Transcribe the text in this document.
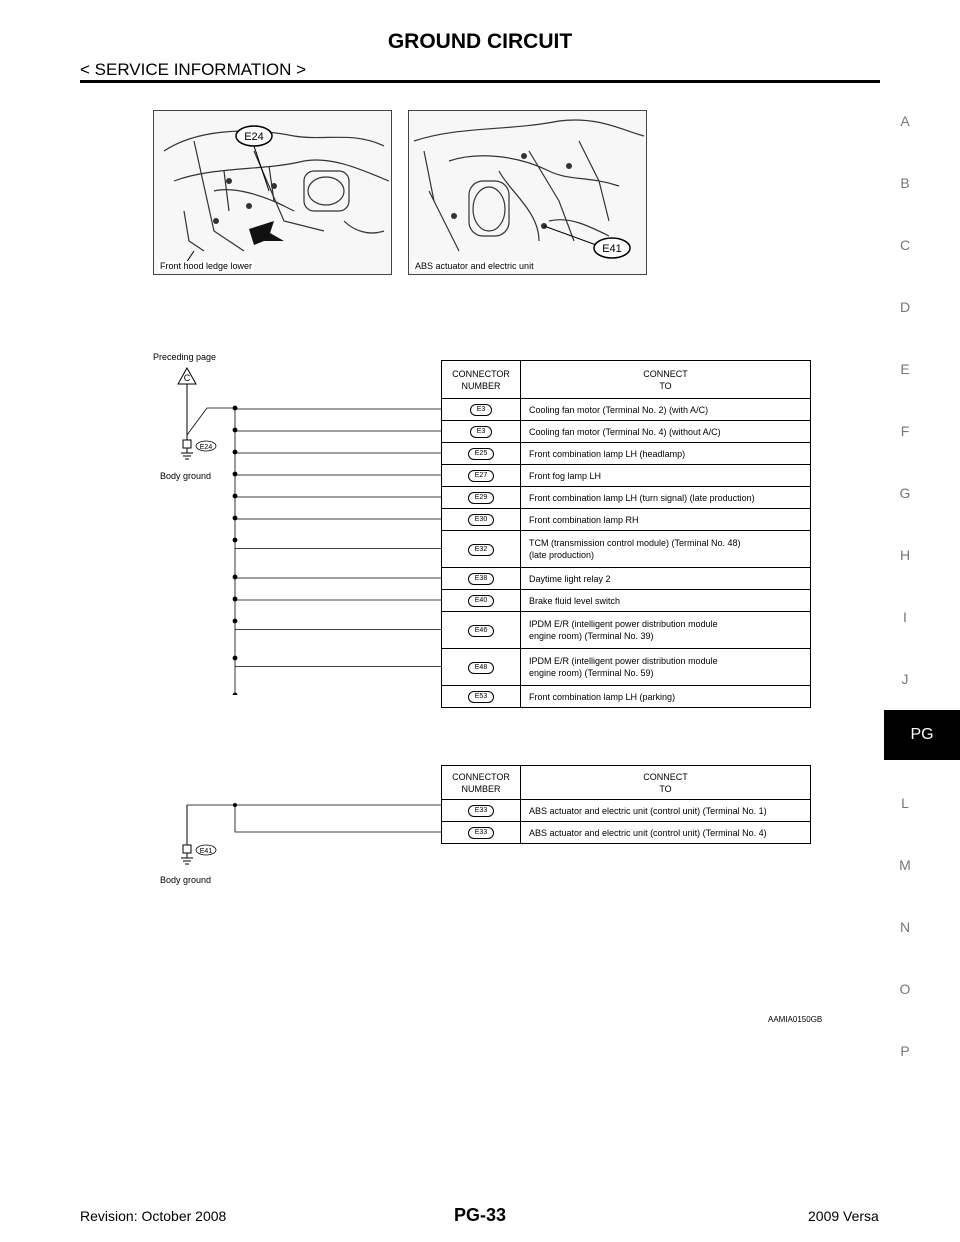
GROUND CIRCUIT
< SERVICE INFORMATION >
A
B
C
D
E
F
G
H
I
J
L
M
N
O
P
PG
E24
Front hood ledge lower
E41
ABS actuator and electric unit
Preceding page
C
E24
Body ground
CONNECTOR
NUMBER	CONNECT
TO
E3	Cooling fan motor (Terminal No. 2) (with A/C)
E3	Cooling fan motor (Terminal No. 4) (without A/C)
E25	Front combination lamp LH (headlamp)
E27	Front fog lamp LH
E29	Front combination lamp LH (turn signal) (late production)
E30	Front combination lamp RH
E32	TCM (transmission control module) (Terminal No. 48)
(late production)
E38	Daytime light relay 2
E40	Brake fluid level switch
E46	IPDM E/R (intelligent power distribution module
engine room) (Terminal No. 39)
E48	IPDM E/R (intelligent power distribution module
engine room) (Terminal No. 59)
E53	Front combination lamp LH (parking)
E41
Body ground
CONNECTOR
NUMBER	CONNECT
TO
E33	ABS actuator and electric unit (control unit) (Terminal No. 1)
E33	ABS actuator and electric unit (control unit) (Terminal No. 4)
AAMIA0150GB
Revision: October 2008	PG-33	2009 Versa
